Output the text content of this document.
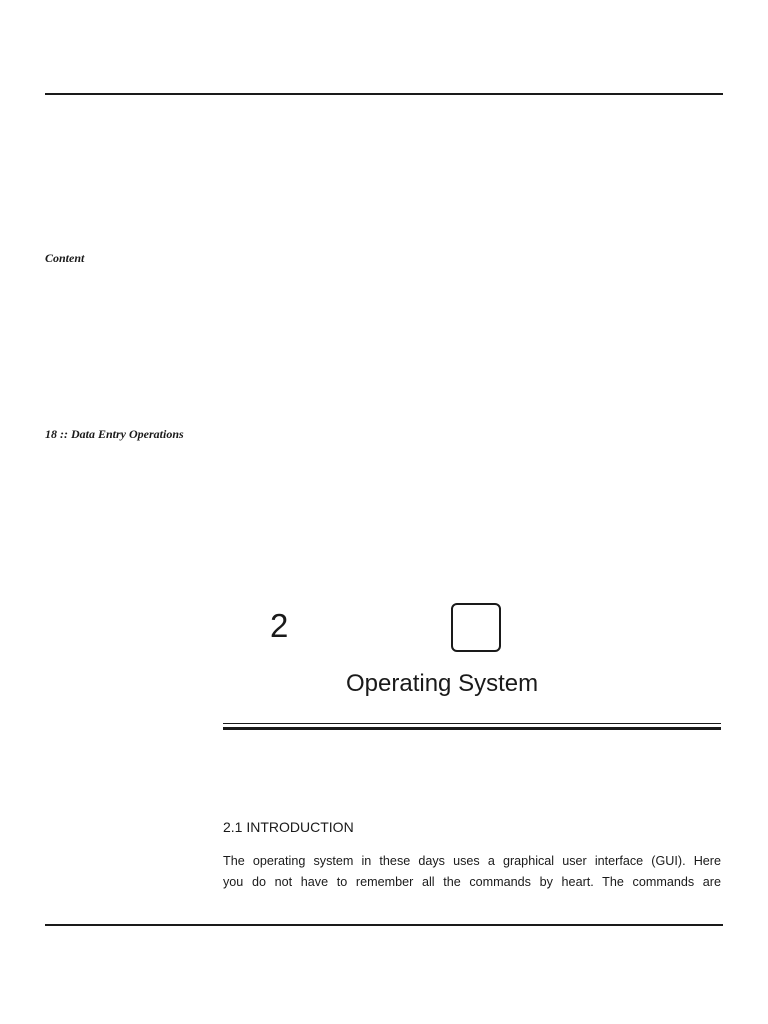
Content
18 :: Data Entry Operations
2
Operating System
2.1 INTRODUCTION
The operating system in these days uses a graphical user interface (GUI). Here
you do not have to remember all the commands by heart. The commands are
